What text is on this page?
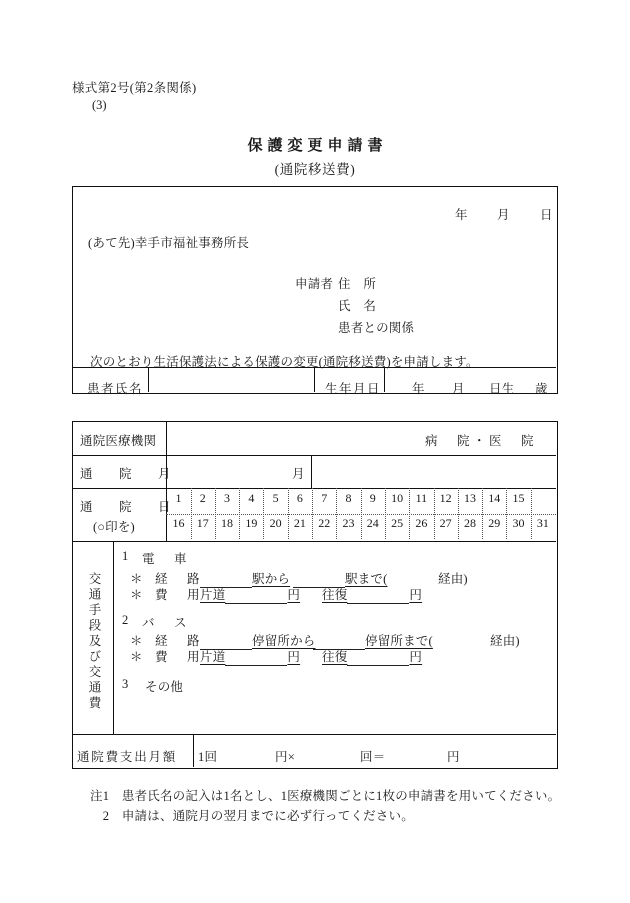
様式第2号(第2条関係)
(3)
保護変更申請書
(通院移送費)
年 月 日
(あて先)幸手市福祉事務所長
申請者 住　所
氏　名
患者との関係
次のとおり生活保護法による保護の変更(通院移送費)を申請します。
患者氏名	生年月日 年 月 日生 歳
通院医療機関	病　院・医　院
通　院　月	月
通　院　日
(○印を)
1	2	3	4	5	6	7	8	9	10	11	12	13	14	15
16	17	18	19	20	21	22	23	24	25	26	27	28	29	30	31
交通手段及び交通費
1 電　車
＊ 経　路	駅から	駅まで(	経由)
＊ 費　用
片道	円 往復	円
2 バ　ス
＊ 経　路	停留所から	停留所まで(	経由)
＊ 費　用
片道	円 往復	円
3 その他
通院費支出月額 1回	円×	回＝	円
注1　患者氏名の記入は1名とし、1医療機関ごとに1枚の申請書を用いてください。
　2　申請は、通院月の翌月までに必ず行ってください。
